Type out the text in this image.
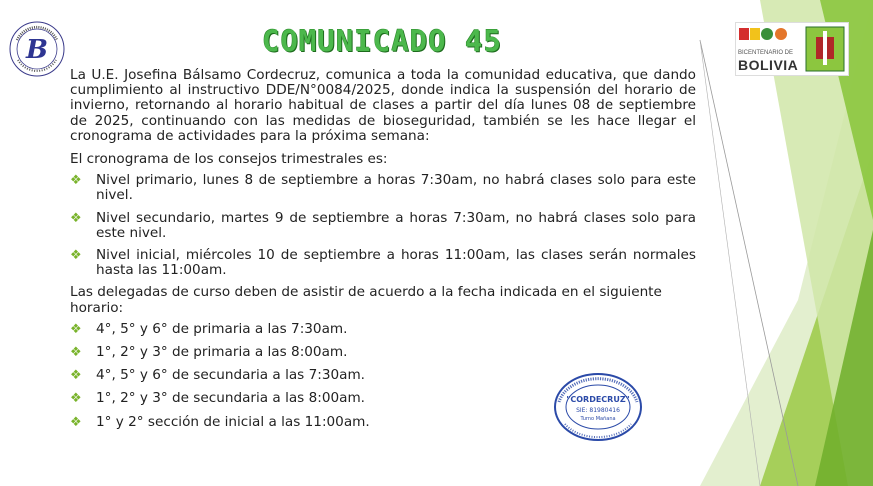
B	COMUNICADO 45	BICENTENARIO DE
BOLIVIA

La U.E. Josefina Bálsamo Cordecruz, comunica a toda la comunidad educativa, que dando cumplimiento al instructivo DDE/N°0084/2025, donde indica la suspensión del horario de invierno, retornando al horario habitual de clases a partir del día lunes 08 de septiembre de 2025, continuando con las medidas de bioseguridad, también se les hace llegar el cronograma de actividades para la próxima semana:

El cronograma de los consejos trimestrales es:

❖ Nivel primario, lunes 8 de septiembre a horas 7:30am, no habrá clases solo para este nivel.
❖ Nivel secundario, martes 9 de septiembre a horas 7:30am, no habrá clases solo para este nivel.
❖ Nivel inicial, miércoles 10 de septiembre a horas 11:00am, las clases serán normales hasta las 11:00am.

Las delegadas de curso deben de asistir de acuerdo a la fecha indicada en el siguiente horario:

❖ 4°, 5° y 6° de primaria a las 7:30am.
❖ 1°, 2° y 3° de primaria a las 8:00am.
❖ 4°, 5° y 6° de secundaria a las 7:30am.
❖ 1°, 2° y 3° de secundaria a las 8:00am.
❖ 1° y 2° sección de inicial a las 11:00am.
"CORDECRUZ"
SIE: 81980416
Turno Mañana
